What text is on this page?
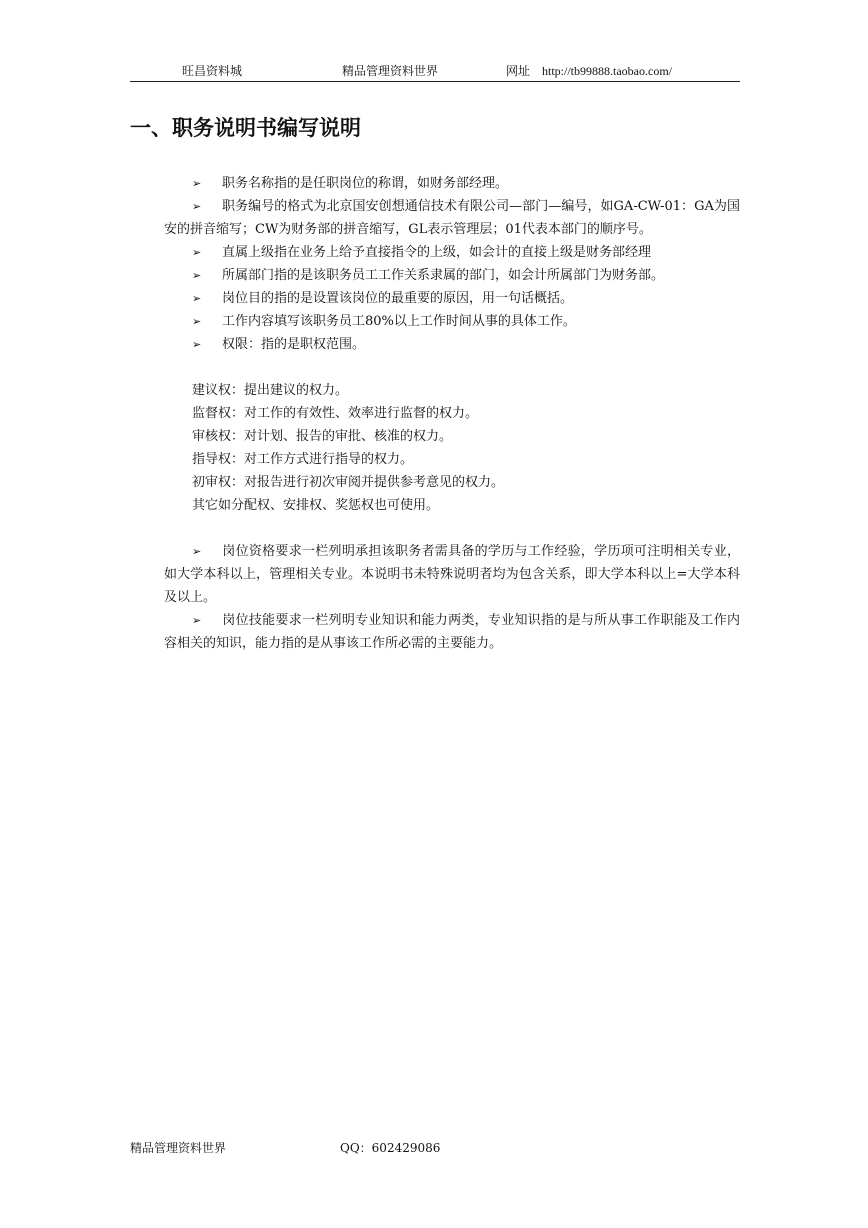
旺昌资料城	精品管理资料世界	网址 http://tb99888.taobao.com/
一、职务说明书编写说明

➢ 职务名称指的是任职岗位的称谓，如财务部经理。

➢ 职务编号的格式为北京国安创想通信技术有限公司—部门—编号，如GA-CW-01：GA为国安的拼音缩写；CW为财务部的拼音缩写，GL表示管理层；01代表本部门的顺序号。

➢ 直属上级指在业务上给予直接指令的上级，如会计的直接上级是财务部经理

➢ 所属部门指的是该职务员工工作关系隶属的部门，如会计所属部门为财务部。

➢ 岗位目的指的是设置该岗位的最重要的原因，用一句话概括。

➢ 工作内容填写该职务员工80%以上工作时间从事的具体工作。

➢ 权限：指的是职权范围。

建议权：提出建议的权力。

监督权：对工作的有效性、效率进行监督的权力。

审核权：对计划、报告的审批、核准的权力。

指导权：对工作方式进行指导的权力。

初审权：对报告进行初次审阅并提供参考意见的权力。

其它如分配权、安排权、奖惩权也可使用。

➢ 岗位资格要求一栏列明承担该职务者需具备的学历与工作经验，学历项可注明相关专业，如大学本科以上，管理相关专业。本说明书未特殊说明者均为包含关系，即大学本科以上=大学本科及以上。

➢ 岗位技能要求一栏列明专业知识和能力两类，专业知识指的是与所从事工作职能及工作内容相关的知识，能力指的是从事该工作所必需的主要能力。

精品管理资料世界	QQ：602429086
